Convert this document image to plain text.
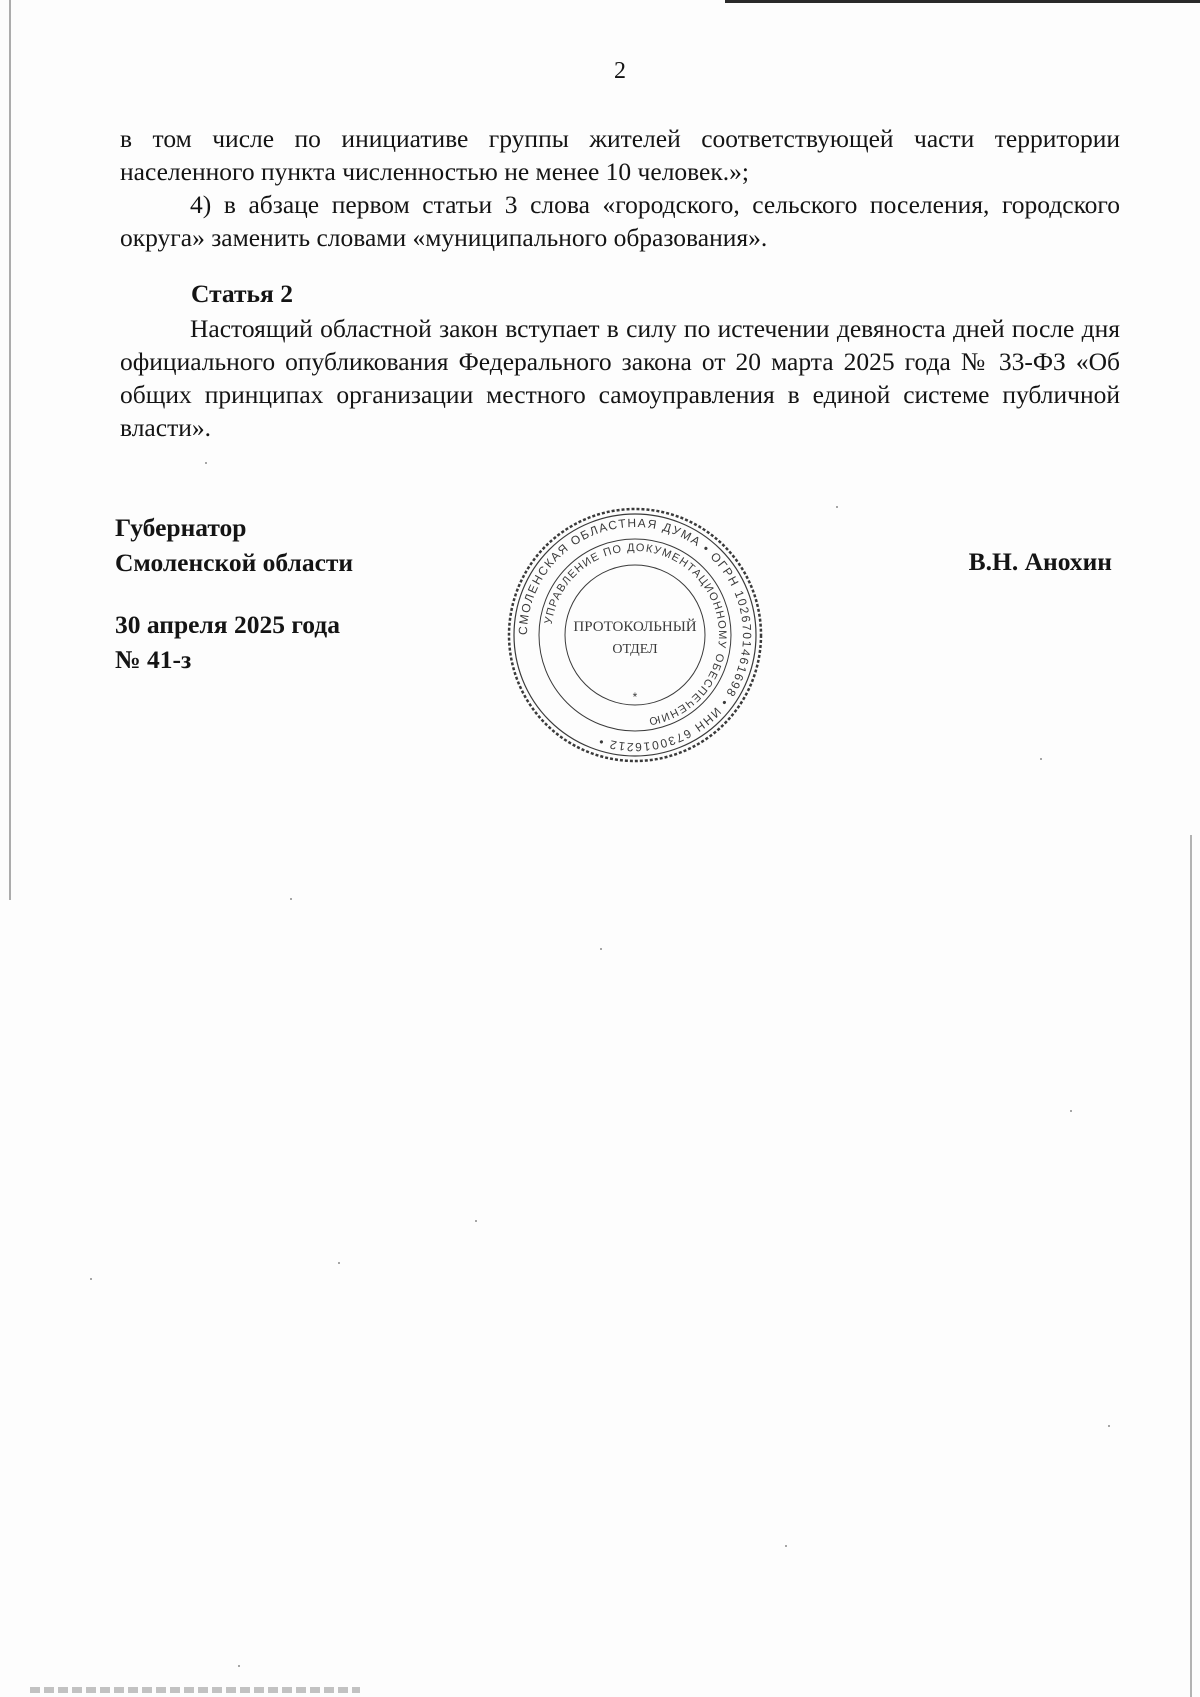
2
в том числе по инициативе группы жителей соответствующей части территории населенного пункта численностью не менее 10 человек.»;
4) в абзаце первом статьи 3 слова «городского, сельского поселения, городского округа» заменить словами «муниципального образования».
Статья 2
Настоящий областной закон вступает в силу по истечении девяноста дней после дня официального опубликования Федерального закона от 20 марта 2025 года № 33-ФЗ «Об общих принципах организации местного самоуправления в единой системе публичной власти».
Губернатор
Смоленской области	В.Н. Анохин
30 апреля 2025 года
№ 41-з
СМОЛЕНСКАЯ ОБЛАСТНАЯ ДУМА • ОГРН 1026701461698 • ИНН 6730016212 •
УПРАВЛЕНИЕ ПО ДОКУМЕНТАЦИОННОМУ ОБЕСПЕЧЕНИЮ
ПРОТОКОЛЬНЫЙ
ОТДЕЛ
*
